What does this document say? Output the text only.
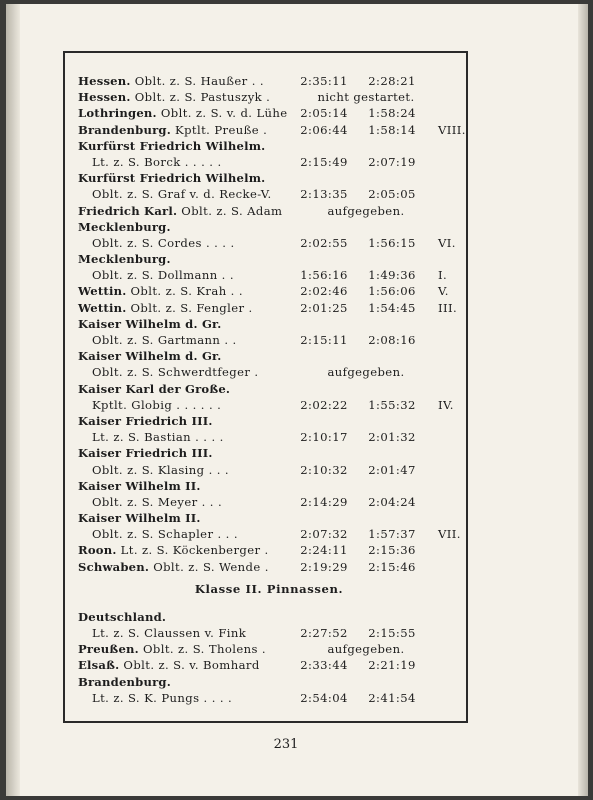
Hessen. Oblt. z. S. Haußer . .	2:35:11	2:28:21
Hessen. Oblt. z. S. Pastuszyk .	nicht gestartet.
Lothringen. Oblt. z. S. v. d. Lühe	2:05:14	1:58:24
Brandenburg. Kptlt. Preuße .	2:06:44	1:58:14	VIII.
Kurfürst Friedrich Wilhelm.
Lt. z. S. Borck . . . . .	2:15:49	2:07:19
Kurfürst Friedrich Wilhelm.
Oblt. z. S. Graf v. d. Recke-V.	2:13:35	2:05:05
Friedrich Karl. Oblt. z. S. Adam	aufgegeben.
Mecklenburg.
Oblt. z. S. Cordes . . . .	2:02:55	1:56:15	VI.
Mecklenburg.
Oblt. z. S. Dollmann . .	1:56:16	1:49:36	I.
Wettin. Oblt. z. S. Krah . .	2:02:46	1:56:06	V.
Wettin. Oblt. z. S. Fengler .	2:01:25	1:54:45	III.
Kaiser Wilhelm d. Gr.
Oblt. z. S. Gartmann . .	2:15:11	2:08:16
Kaiser Wilhelm d. Gr.
Oblt. z. S. Schwerdtfeger .	aufgegeben.
Kaiser Karl der Große.
Kptlt. Globig . . . . . .	2:02:22	1:55:32	IV.
Kaiser Friedrich III.
Lt. z. S. Bastian . . . .	2:10:17	2:01:32
Kaiser Friedrich III.
Oblt. z. S. Klasing . . .	2:10:32	2:01:47
Kaiser Wilhelm II.
Oblt. z. S. Meyer . . .	2:14:29	2:04:24
Kaiser Wilhelm II.
Oblt. z. S. Schapler . . .	2:07:32	1:57:37	VII.
Roon. Lt. z. S. Köckenberger .	2:24:11	2:15:36
Schwaben. Oblt. z. S. Wende .	2:19:29	2:15:46
Klasse II. Pinnassen.
Deutschland.
Lt. z. S. Claussen v. Fink	2:27:52	2:15:55
Preußen. Oblt. z. S. Tholens .	aufgegeben.
Elsaß. Oblt. z. S. v. Bomhard	2:33:44	2:21:19
Brandenburg.
Lt. z. S. K. Pungs . . . .	2:54:04	2:41:54
231
